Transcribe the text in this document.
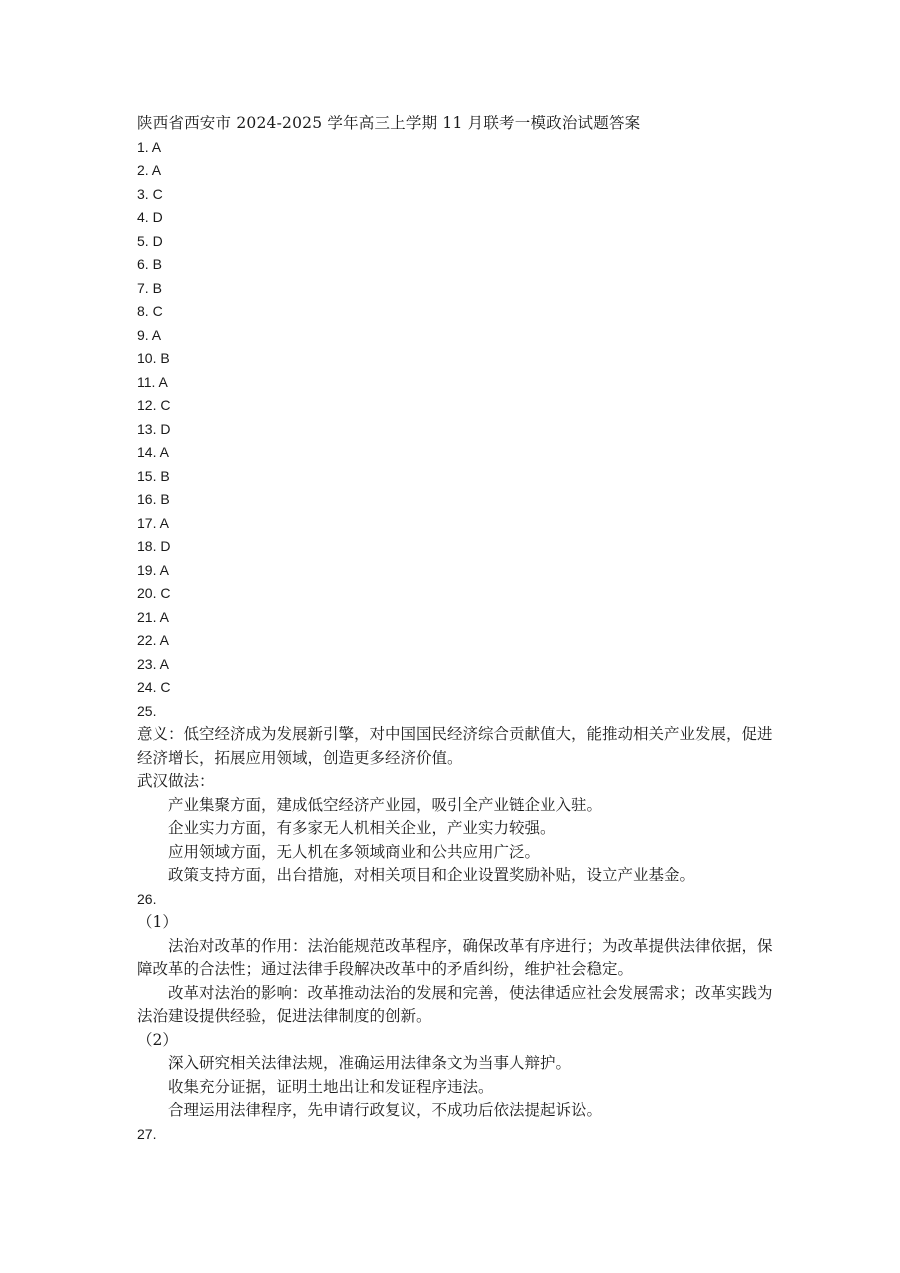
陕西省西安市 2024-2025 学年高三上学期 11 月联考一模政治试题答案
1. A
2. A
3. C
4. D
5. D
6. B
7. B
8. C
9. A
10. B
11. A
12. C
13. D
14. A
15. B
16. B
17. A
18. D
19. A
20. C
21. A
22. A
23. A
24. C
25.

意义：低空经济成为发展新引擎，对中国国民经济综合贡献值大，能推动相关产业发展，促进经济增长，拓展应用领域，创造更多经济价值。

武汉做法：

产业集聚方面，建成低空经济产业园，吸引全产业链企业入驻。

企业实力方面，有多家无人机相关企业，产业实力较强。

应用领域方面，无人机在多领域商业和公共应用广泛。

政策支持方面，出台措施，对相关项目和企业设置奖励补贴，设立产业基金。

26.
（1）

法治对改革的作用：法治能规范改革程序，确保改革有序进行；为改革提供法律依据，保障改革的合法性；通过法律手段解决改革中的矛盾纠纷，维护社会稳定。

改革对法治的影响：改革推动法治的发展和完善，使法律适应社会发展需求；改革实践为法治建设提供经验，促进法律制度的创新。

（2）

深入研究相关法律法规，准确运用法律条文为当事人辩护。

收集充分证据，证明土地出让和发证程序违法。

合理运用法律程序，先申请行政复议，不成功后依法提起诉讼。

27.
